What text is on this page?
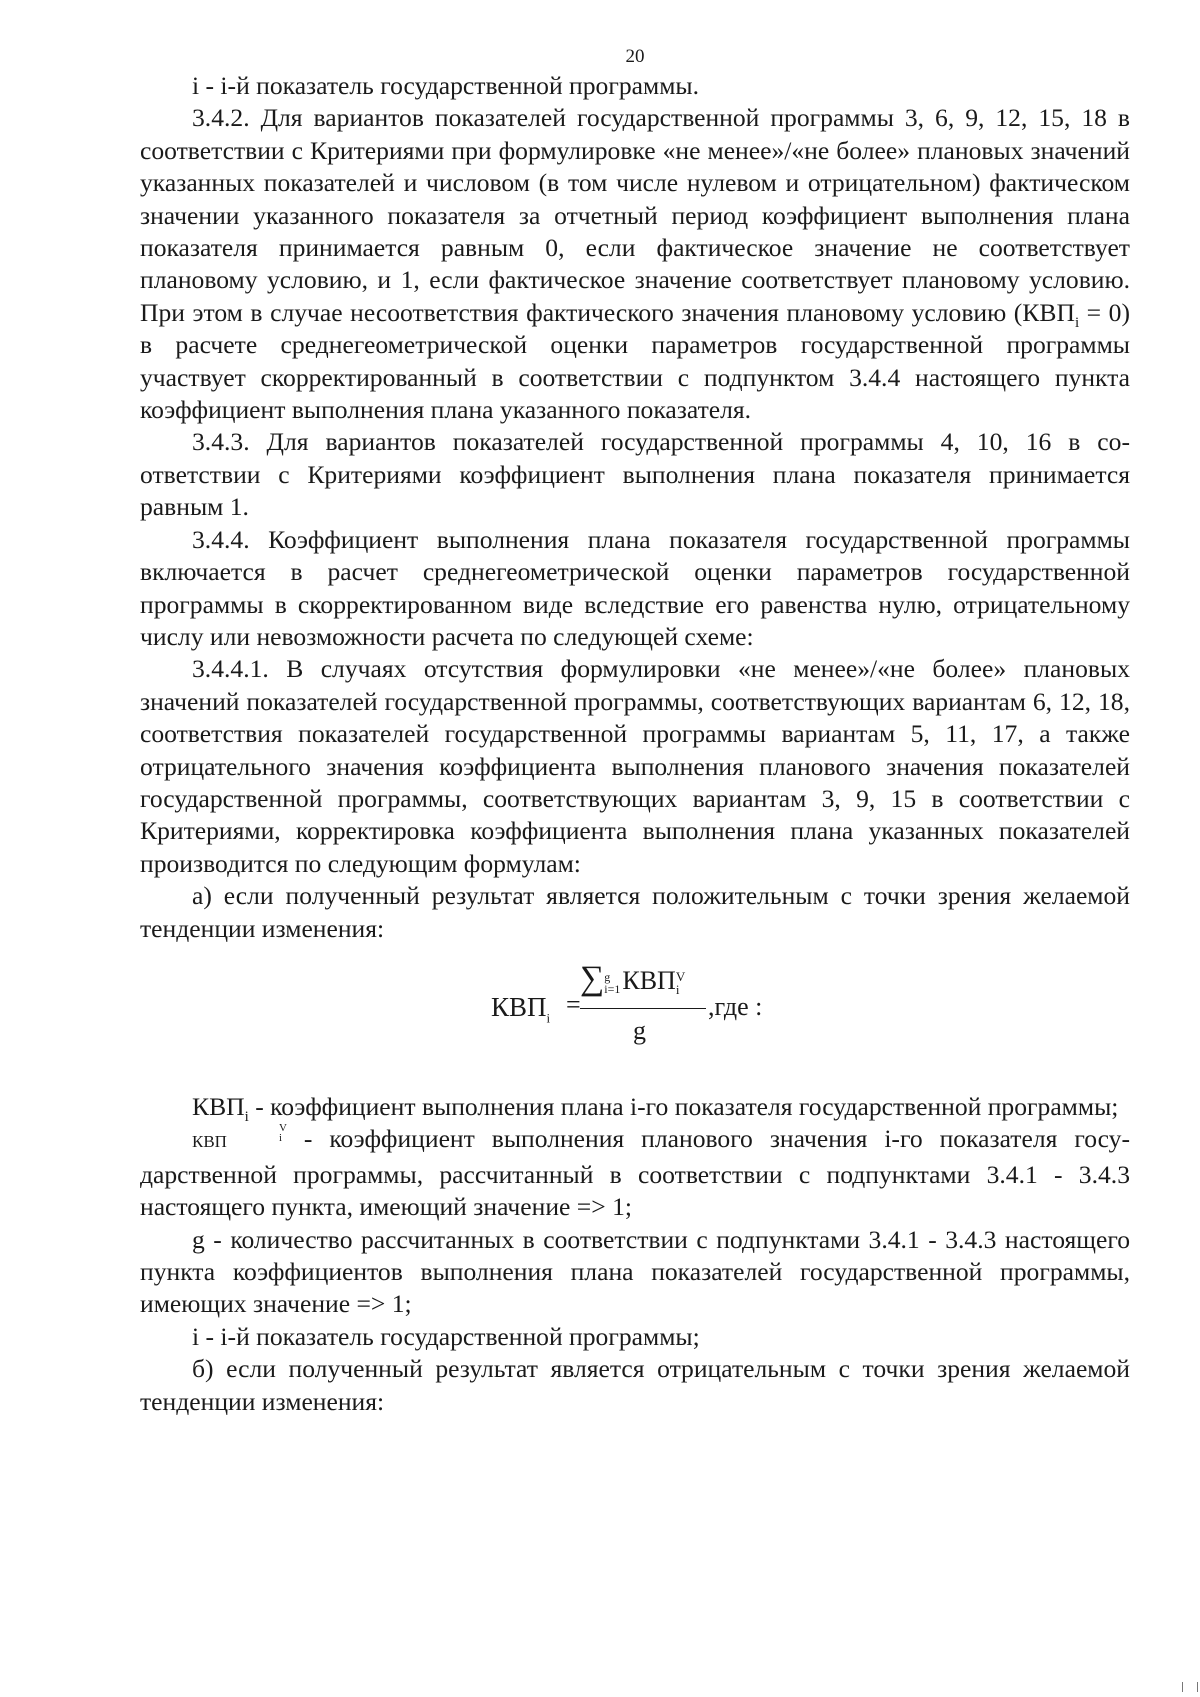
20

i - i-й показатель государственной программы.

3.4.2. Для вариантов показателей государственной программы 3, 6, 9, 12, 15, 18 в соответствии с Критериями при формулировке «не менее»/«не более» плановых значений указанных показателей и числовом (в том числе нулевом и отрицательном) фактическом значении указанного показателя за отчетный период коэффициент выполнения плана показателя принимается равным 0, если фактическое значение не соответствует плановому условию, и 1, если фактическое значение соответствует плановому условию. При этом в случае несоответствия фактического значения плановому условию $(КВП_i = 0)$ в расчете среднегеометрической оценки параметров государственной программы участвует скорректированный в соответствии с подпунктом 3.4.4 настоящего пункта коэффициент выполнения плана указанного показателя.

3.4.3. Для вариантов показателей государственной программы 4, 10, 16 в соответствии с Критериями коэффициент выполнения плана показателя принимается равным 1.

3.4.4. Коэффициент выполнения плана показателя государственной программы включается в расчет среднегеометрической оценки параметров государственной программы в скорректированном виде вследствие его равенства нулю, отрицательному числу или невозможности расчета по следующей схеме:

3.4.4.1. В случаях отсутствия формулировки «не менее»/«не более» плановых значений показателей государственной программы, соответствующих вариантам 6, 12, 18, соответствия показателей государственной программы вариантам 5, 11, 17, а также отрицательного значения коэффициента выполнения планового значения показателей государственной программы, соответствующих вариантам 3, 9, 15 в соответствии с Критериями, корректировка коэффициента выполнения плана указанных показателей производится по следующим формулам:

а) если полученный результат является положительным с точки зрения желаемой тенденции изменения:

$КВП_i$ =
∑ g
i=1 КВП V
i
g
,где :

$КВП_i$ - коэффициент выполнения плана i-го показателя государственной программы;

КВП
V
i - коэффициент выполнения планового значения i-го показателя государственной программы, рассчитанный в соответствии с подпунктами 3.4.1 - 3.4.3 настоящего пункта, имеющий значение => 1;

g - количество рассчитанных в соответствии с подпунктами 3.4.1 - 3.4.3 настоящего пункта коэффициентов выполнения плана показателей государственной программы, имеющих значение => 1;

i - i-й показатель государственной программы;

б) если полученный результат является отрицательным с точки зрения желаемой тенденции изменения:
